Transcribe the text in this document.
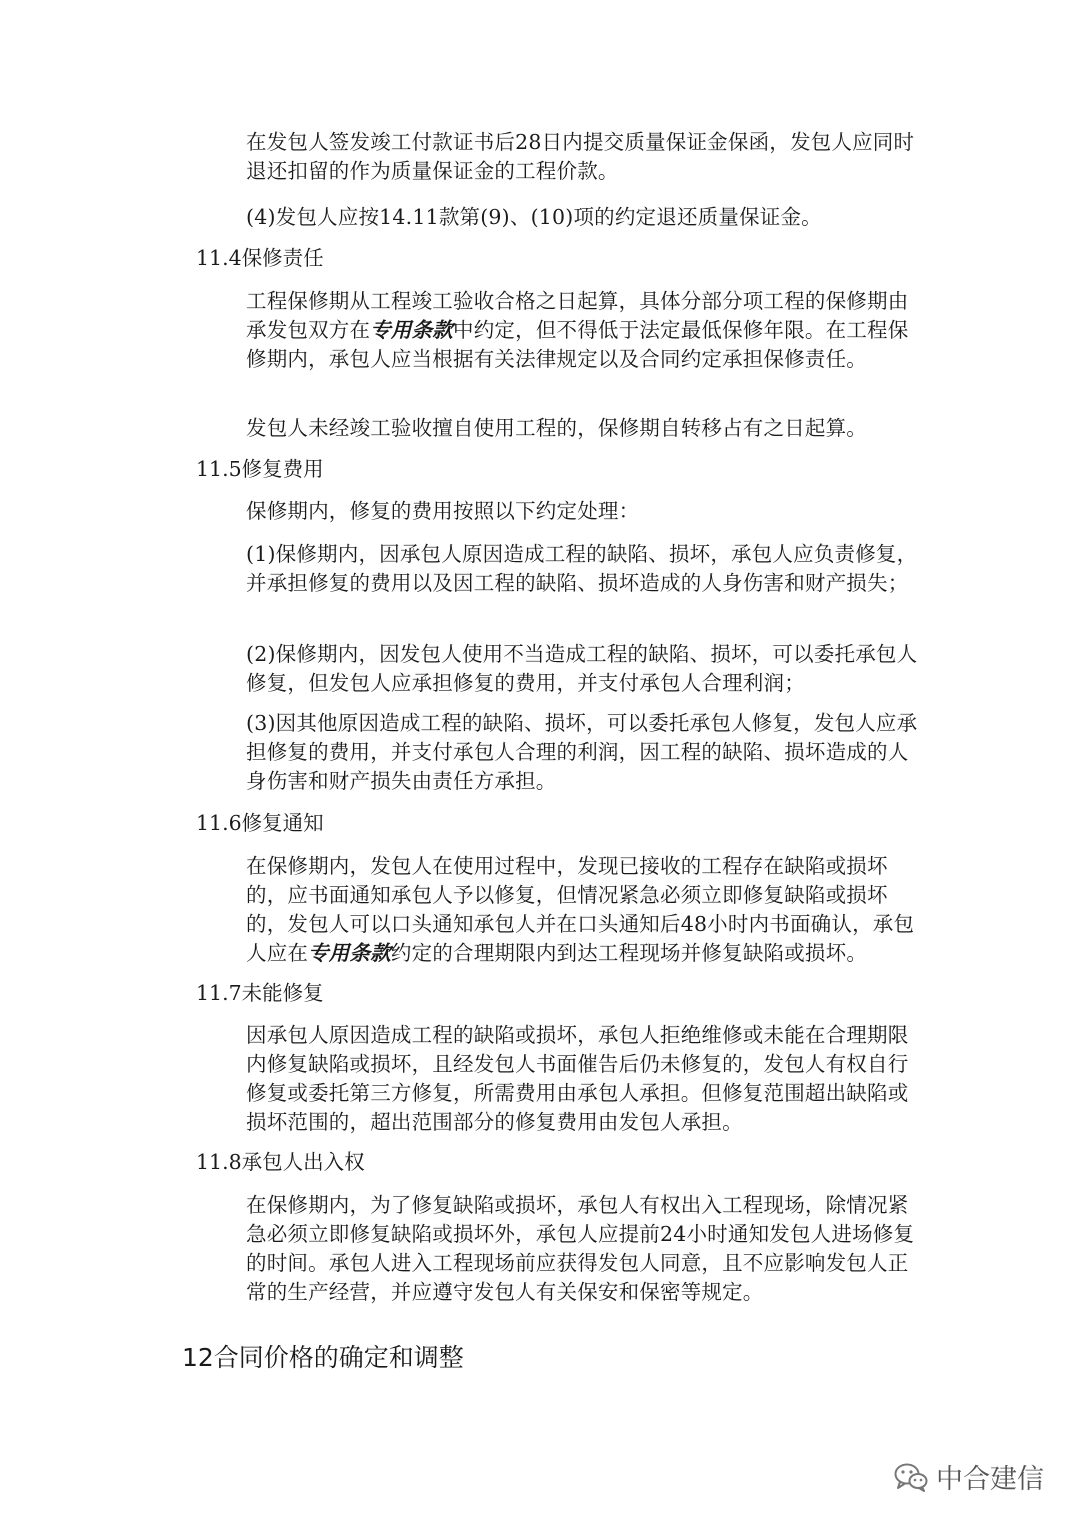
在发包人签发竣工付款证书后28日内提交质量保证金保函，发包人应同时退还扣留的作为质量保证金的工程价款。

(4)发包人应按14.11款第(9)、(10)项的约定退还质量保证金。

11.4保修责任

工程保修期从工程竣工验收合格之日起算，具体分部分项工程的保修期由承发包双方在专用条款中约定，但不得低于法定最低保修年限。在工程保修期内，承包人应当根据有关法律规定以及合同约定承担保修责任。

发包人未经竣工验收擅自使用工程的，保修期自转移占有之日起算。

11.5修复费用

保修期内，修复的费用按照以下约定处理：

(1)保修期内，因承包人原因造成工程的缺陷、损坏，承包人应负责修复，并承担修复的费用以及因工程的缺陷、损坏造成的人身伤害和财产损失；

(2)保修期内，因发包人使用不当造成工程的缺陷、损坏，可以委托承包人修复，但发包人应承担修复的费用，并支付承包人合理利润；

(3)因其他原因造成工程的缺陷、损坏，可以委托承包人修复，发包人应承担修复的费用，并支付承包人合理的利润，因工程的缺陷、损坏造成的人身伤害和财产损失由责任方承担。

11.6修复通知

在保修期内，发包人在使用过程中，发现已接收的工程存在缺陷或损坏的，应书面通知承包人予以修复，但情况紧急必须立即修复缺陷或损坏的，发包人可以口头通知承包人并在口头通知后48小时内书面确认，承包人应在专用条款约定的合理期限内到达工程现场并修复缺陷或损坏。

11.7未能修复

因承包人原因造成工程的缺陷或损坏，承包人拒绝维修或未能在合理期限内修复缺陷或损坏，且经发包人书面催告后仍未修复的，发包人有权自行修复或委托第三方修复，所需费用由承包人承担。但修复范围超出缺陷或损坏范围的，超出范围部分的修复费用由发包人承担。

11.8承包人出入权

在保修期内，为了修复缺陷或损坏，承包人有权出入工程现场，除情况紧急必须立即修复缺陷或损坏外，承包人应提前24小时通知发包人进场修复的时间。承包人进入工程现场前应获得发包人同意，且不应影响发包人正常的生产经营，并应遵守发包人有关保安和保密等规定。

12合同价格的确定和调整

中合建信
